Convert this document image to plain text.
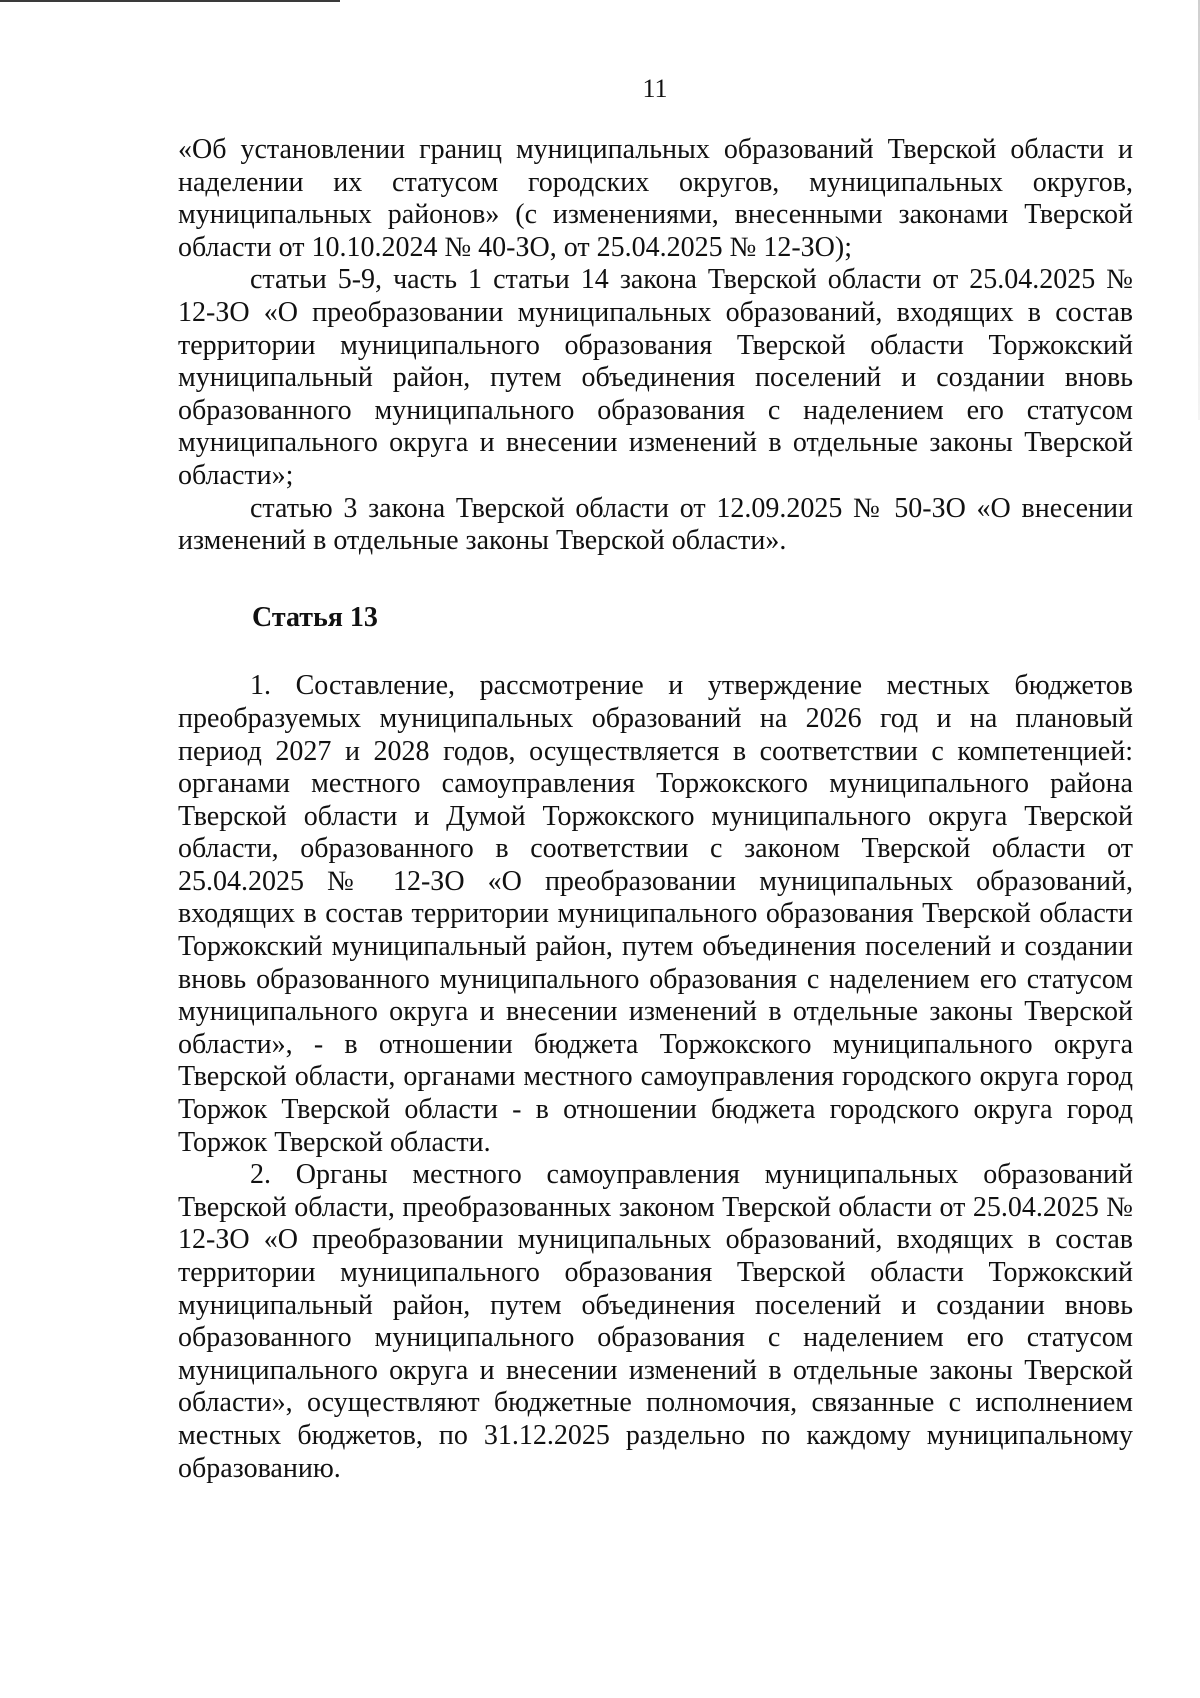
11

«Об установлении границ муниципальных образований Тверской области и наделении их статусом городских округов, муниципальных округов, муниципальных районов» (с изменениями, внесенными законами Тверской области от 10.10.2024 № 40-ЗО, от 25.04.2025 № 12-ЗО);

статьи 5-9, часть 1 статьи 14 закона Тверской области от 25.04.2025 № 12-ЗО «О преобразовании муниципальных образований, входящих в состав территории муниципального образования Тверской области Торжокский муниципальный район, путем объединения поселений и создании вновь образованного муниципального образования с наделением его статусом муниципального округа и внесении изменений в отдельные законы Тверской области»;

статью 3 закона Тверской области от 12.09.2025 № 50-ЗО «О внесении изменений в отдельные законы Тверской области».

Статья 13

1. Составление, рассмотрение и утверждение местных бюджетов преобразуемых муниципальных образований на 2026 год и на плановый период 2027 и 2028 годов, осуществляется в соответствии с компетенцией: органами местного самоуправления Торжокского муниципального района Тверской области и Думой Торжокского муниципального округа Тверской области, образованного в соответствии с законом Тверской области от 25.04.2025 № 12-ЗО «О преобразовании муниципальных образований, входящих в состав территории муниципального образования Тверской области Торжокский муниципальный район, путем объединения поселений и создании вновь образованного муниципального образования с наделением его статусом муниципального округа и внесении изменений в отдельные законы Тверской области», - в отношении бюджета Торжокского муниципального округа Тверской области, органами местного самоуправления городского округа город Торжок Тверской области - в отношении бюджета городского округа город Торжок Тверской области.

2. Органы местного самоуправления муниципальных образований Тверской области, преобразованных законом Тверской области от 25.04.2025 № 12-ЗО «О преобразовании муниципальных образований, входящих в состав территории муниципального образования Тверской области Торжокский муниципальный район, путем объединения поселений и создании вновь образованного муниципального образования с наделением его статусом муниципального округа и внесении изменений в отдельные законы Тверской области», осуществляют бюджетные полномочия, связанные с исполнением местных бюджетов, по 31.12.2025 раздельно по каждому муниципальному образованию.
